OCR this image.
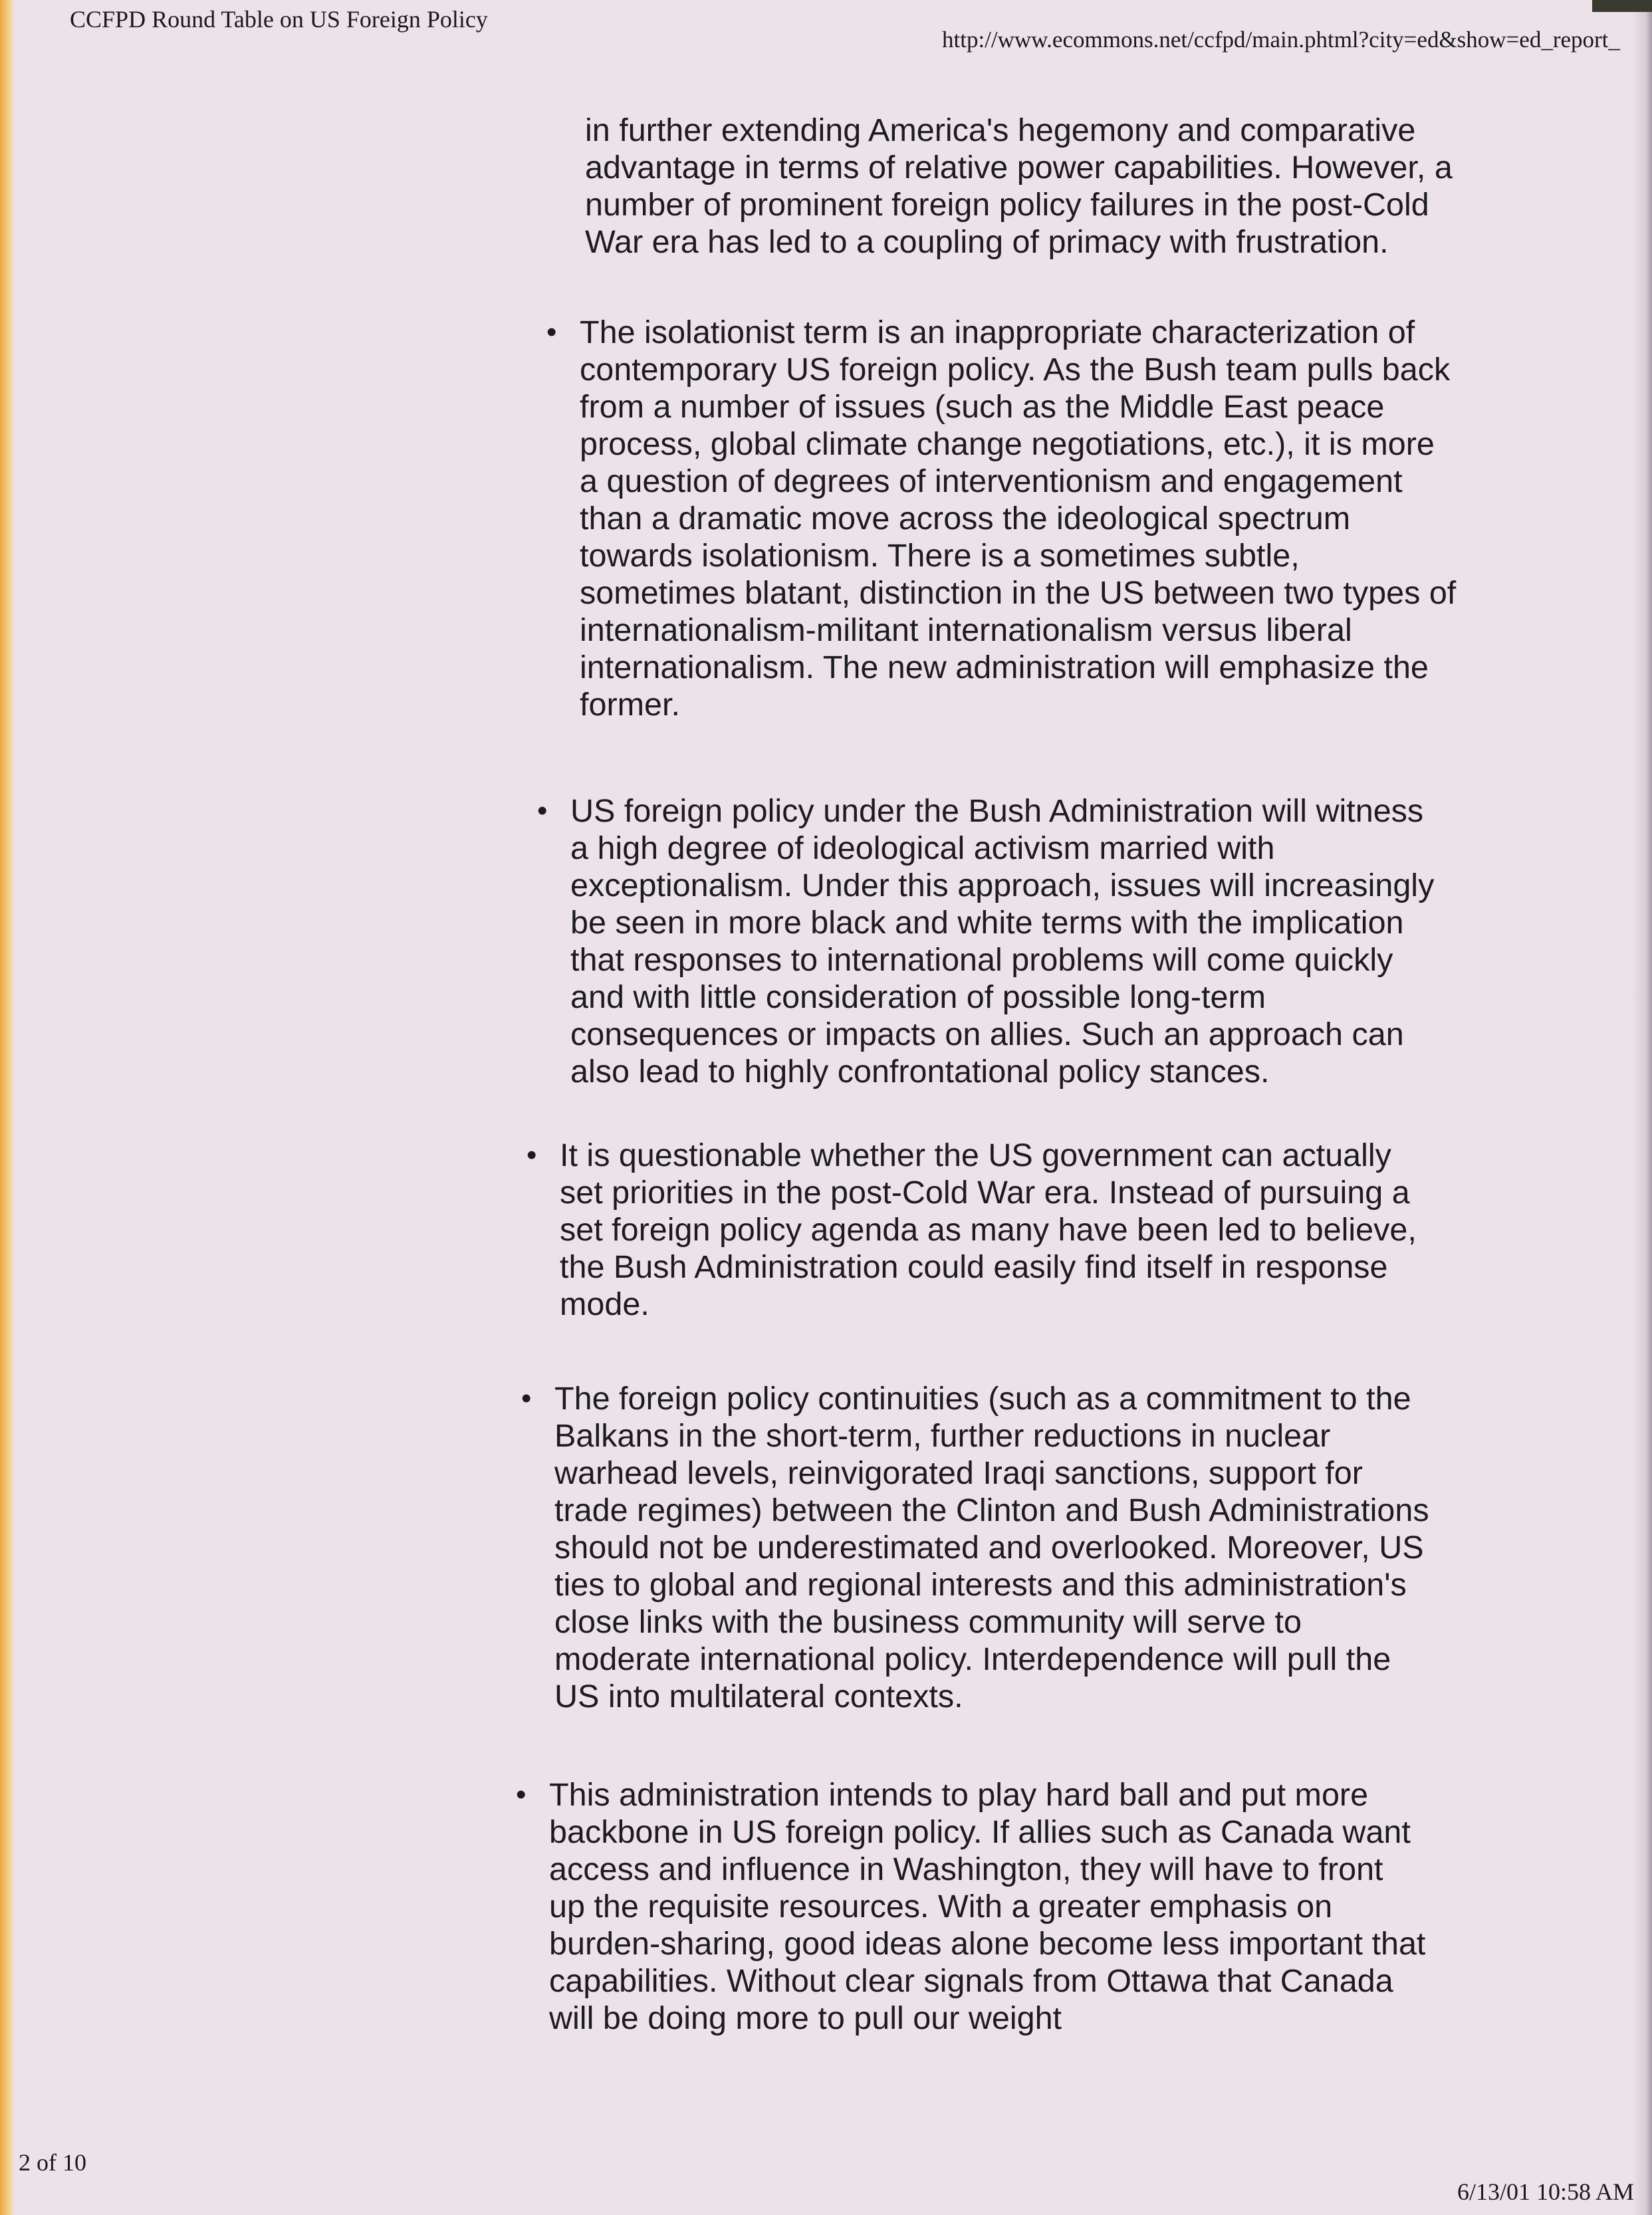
CCFPD Round Table on US Foreign Policy
http://www.ecommons.net/ccfpd/main.phtml?city=ed&show=ed_report_

in further extending America's hegemony and comparative advantage in terms of relative power capabilities. However, a number of prominent foreign policy failures in the post-Cold War era has led to a coupling of primacy with frustration.

• The isolationist term is an inappropriate characterization of contemporary US foreign policy. As the Bush team pulls back from a number of issues (such as the Middle East peace process, global climate change negotiations, etc.), it is more a question of degrees of interventionism and engagement than a dramatic move across the ideological spectrum towards isolationism. There is a sometimes subtle, sometimes blatant, distinction in the US between two types of internationalism-militant internationalism versus liberal internationalism. The new administration will emphasize the former.
• US foreign policy under the Bush Administration will witness a high degree of ideological activism married with exceptionalism. Under this approach, issues will increasingly be seen in more black and white terms with the implication that responses to international problems will come quickly and with little consideration of possible long-term consequences or impacts on allies. Such an approach can also lead to highly confrontational policy stances.
• It is questionable whether the US government can actually set priorities in the post-Cold War era. Instead of pursuing a set foreign policy agenda as many have been led to believe, the Bush Administration could easily find itself in response mode.
• The foreign policy continuities (such as a commitment to the Balkans in the short-term, further reductions in nuclear warhead levels, reinvigorated Iraqi sanctions, support for trade regimes) between the Clinton and Bush Administrations should not be underestimated and overlooked. Moreover, US ties to global and regional interests and this administration's close links with the business community will serve to moderate international policy. Interdependence will pull the US into multilateral contexts.
• This administration intends to play hard ball and put more backbone in US foreign policy. If allies such as Canada want access and influence in Washington, they will have to front up the requisite resources. With a greater emphasis on burden-sharing, good ideas alone become less important that capabilities. Without clear signals from Ottawa that Canada will be doing more to pull our weight
2 of 10
6/13/01 10:58 AM
